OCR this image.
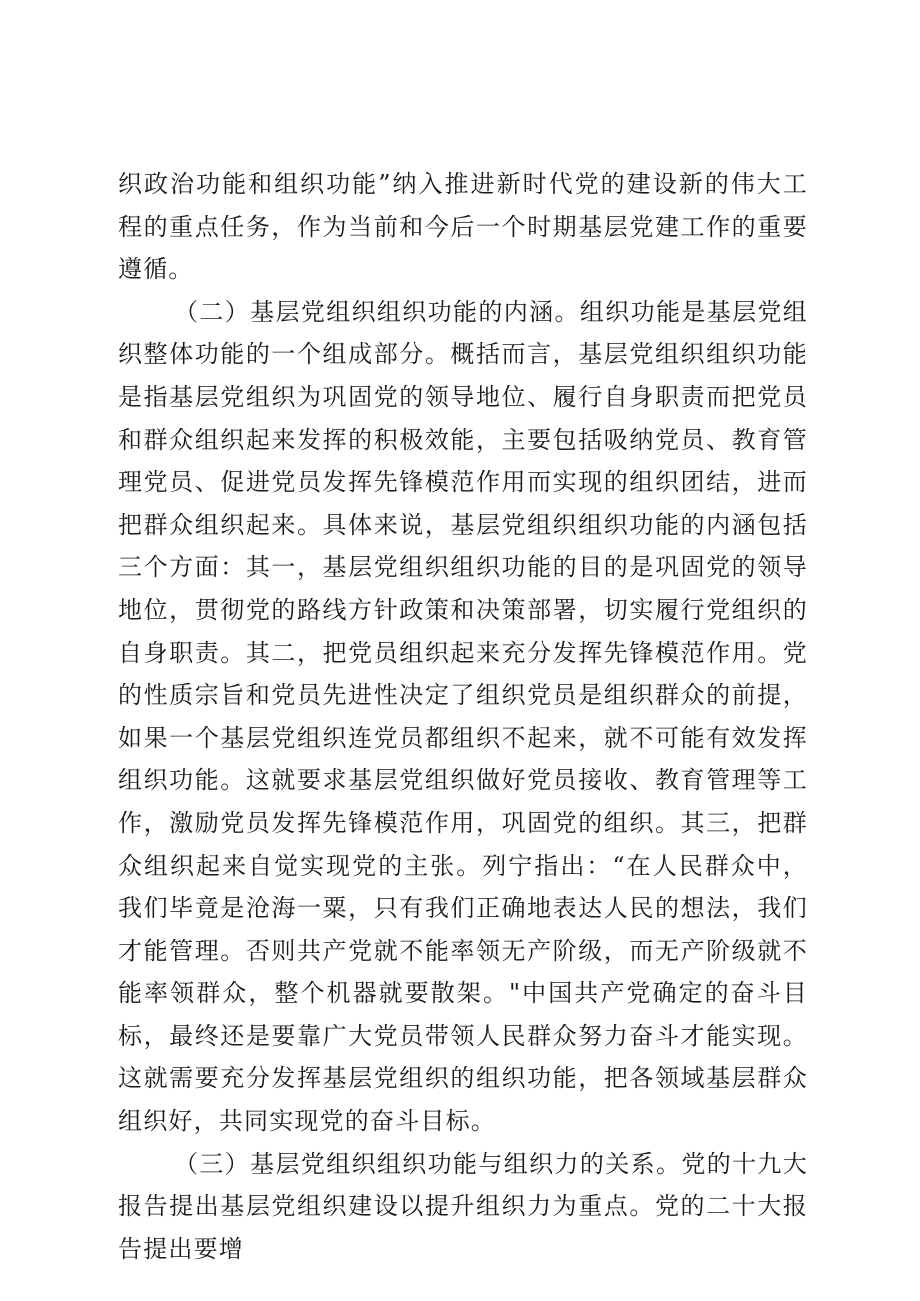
织政治功能和组织功能”纳入推进新时代党的建设新的伟大工程的重点任务，作为当前和今后一个时期基层党建工作的重要遵循。

（二）基层党组织组织功能的内涵。组织功能是基层党组织整体功能的一个组成部分。概括而言，基层党组织组织功能是指基层党组织为巩固党的领导地位、履行自身职责而把党员和群众组织起来发挥的积极效能，主要包括吸纳党员、教育管理党员、促进党员发挥先锋模范作用而实现的组织团结，进而把群众组织起来。具体来说，基层党组织组织功能的内涵包括三个方面：其一，基层党组织组织功能的目的是巩固党的领导地位，贯彻党的路线方针政策和决策部署，切实履行党组织的自身职责。其二，把党员组织起来充分发挥先锋模范作用。党的性质宗旨和党员先进性决定了组织党员是组织群众的前提，如果一个基层党组织连党员都组织不起来，就不可能有效发挥组织功能。这就要求基层党组织做好党员接收、教育管理等工作，激励党员发挥先锋模范作用，巩固党的组织。其三，把群众组织起来自觉实现党的主张。列宁指出：“在人民群众中，我们毕竟是沧海一粟，只有我们正确地表达人民的想法，我们才能管理。否则共产党就不能率领无产阶级，而无产阶级就不能率领群众，整个机器就要散架。"中国共产党确定的奋斗目标，最终还是要靠广大党员带领人民群众努力奋斗才能实现。这就需要充分发挥基层党组织的组织功能，把各领域基层群众组织好，共同实现党的奋斗目标。

（三）基层党组织组织功能与组织力的关系。党的十九大报告提出基层党组织建设以提升组织力为重点。党的二十大报告提出要增
